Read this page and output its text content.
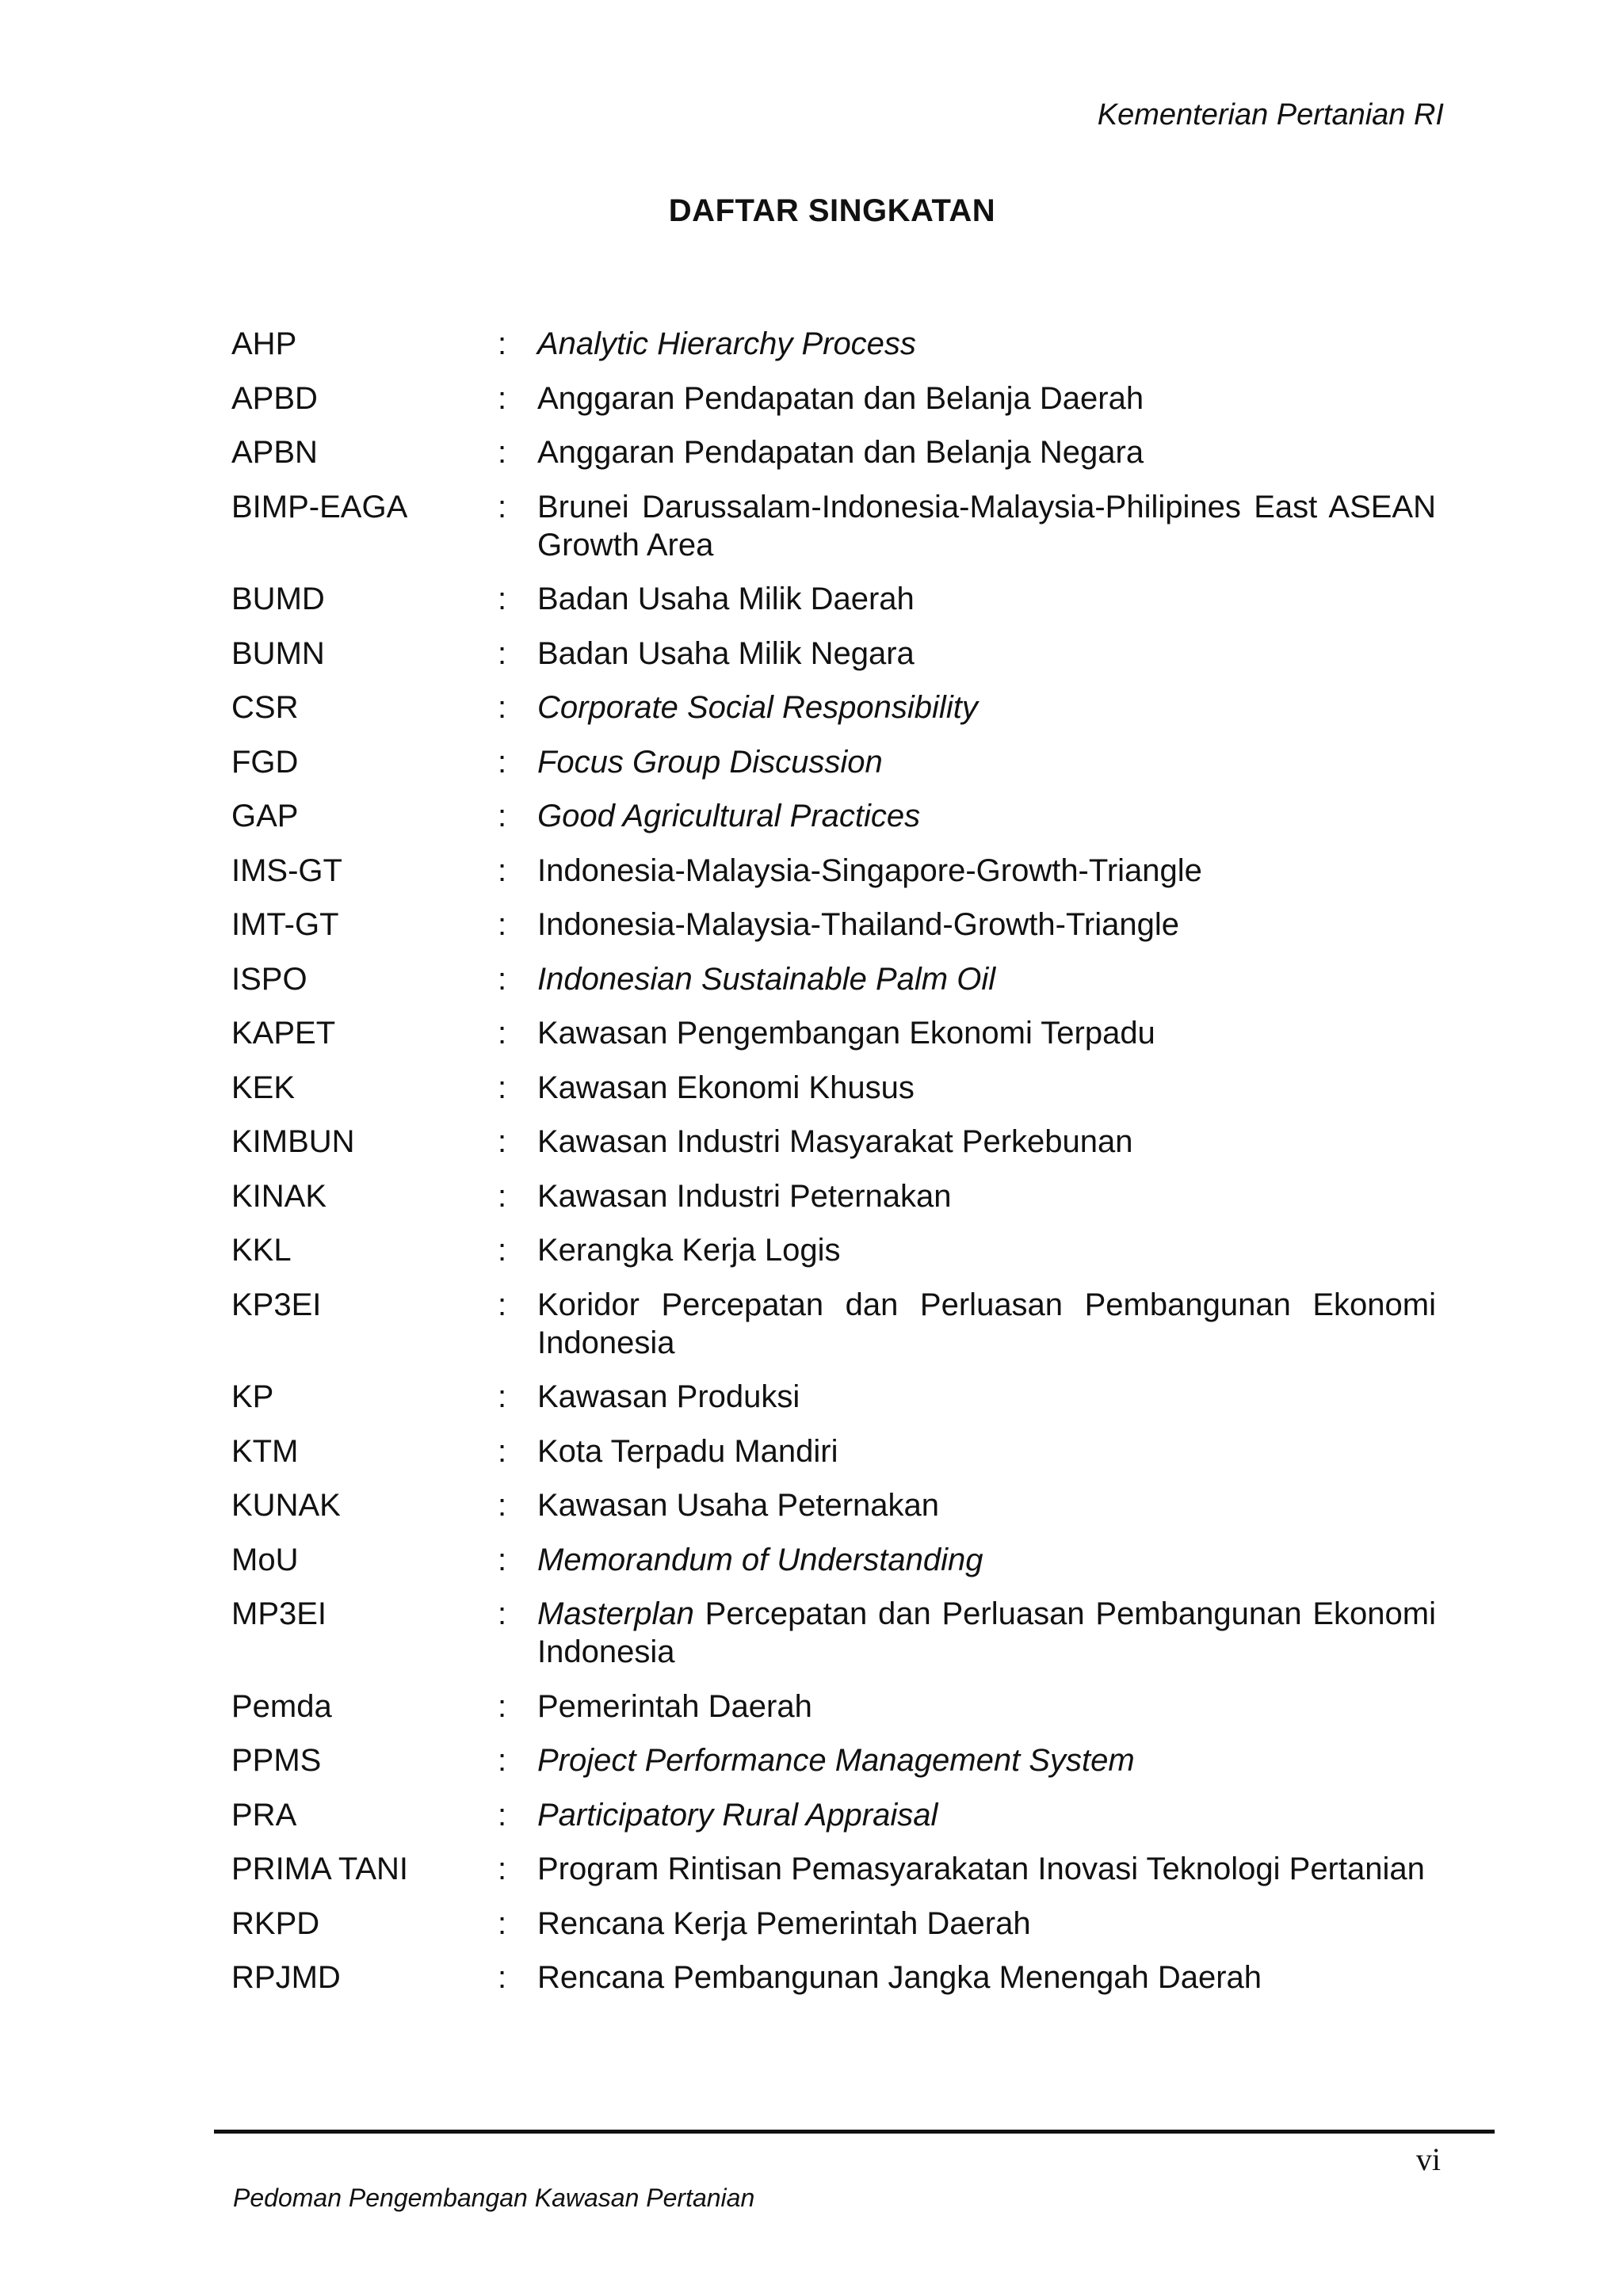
Kementerian Pertanian RI
DAFTAR SINGKATAN
AHP	: Analytic Hierarchy Process
APBD	: Anggaran Pendapatan dan Belanja Daerah
APBN	: Anggaran Pendapatan dan Belanja Negara
BIMP-EAGA	: Brunei Darussalam-Indonesia-Malaysia-Philipines East ASEAN Growth Area
BUMD	: Badan Usaha Milik Daerah
BUMN	: Badan Usaha Milik Negara
CSR	: Corporate Social Responsibility
FGD	: Focus Group Discussion
GAP	: Good Agricultural Practices
IMS-GT	: Indonesia-Malaysia-Singapore-Growth-Triangle
IMT-GT	: Indonesia-Malaysia-Thailand-Growth-Triangle
ISPO	: Indonesian Sustainable Palm Oil
KAPET	: Kawasan Pengembangan Ekonomi Terpadu
KEK	: Kawasan Ekonomi Khusus
KIMBUN	: Kawasan Industri Masyarakat Perkebunan
KINAK	: Kawasan Industri Peternakan
KKL	: Kerangka Kerja Logis
KP3EI	: Koridor Percepatan dan Perluasan Pembangunan Ekonomi Indonesia
KP	: Kawasan Produksi
KTM	: Kota Terpadu Mandiri
KUNAK	: Kawasan Usaha Peternakan
MoU	: Memorandum of Understanding
MP3EI	: Masterplan Percepatan dan Perluasan Pembangunan Ekonomi Indonesia
Pemda	: Pemerintah Daerah
PPMS	: Project Performance Management System
PRA	: Participatory Rural Appraisal
PRIMA TANI	: Program Rintisan Pemasyarakatan Inovasi Teknologi Pertanian
RKPD	: Rencana Kerja Pemerintah Daerah
RPJMD	: Rencana Pembangunan Jangka Menengah Daerah
vi
Pedoman Pengembangan Kawasan Pertanian
